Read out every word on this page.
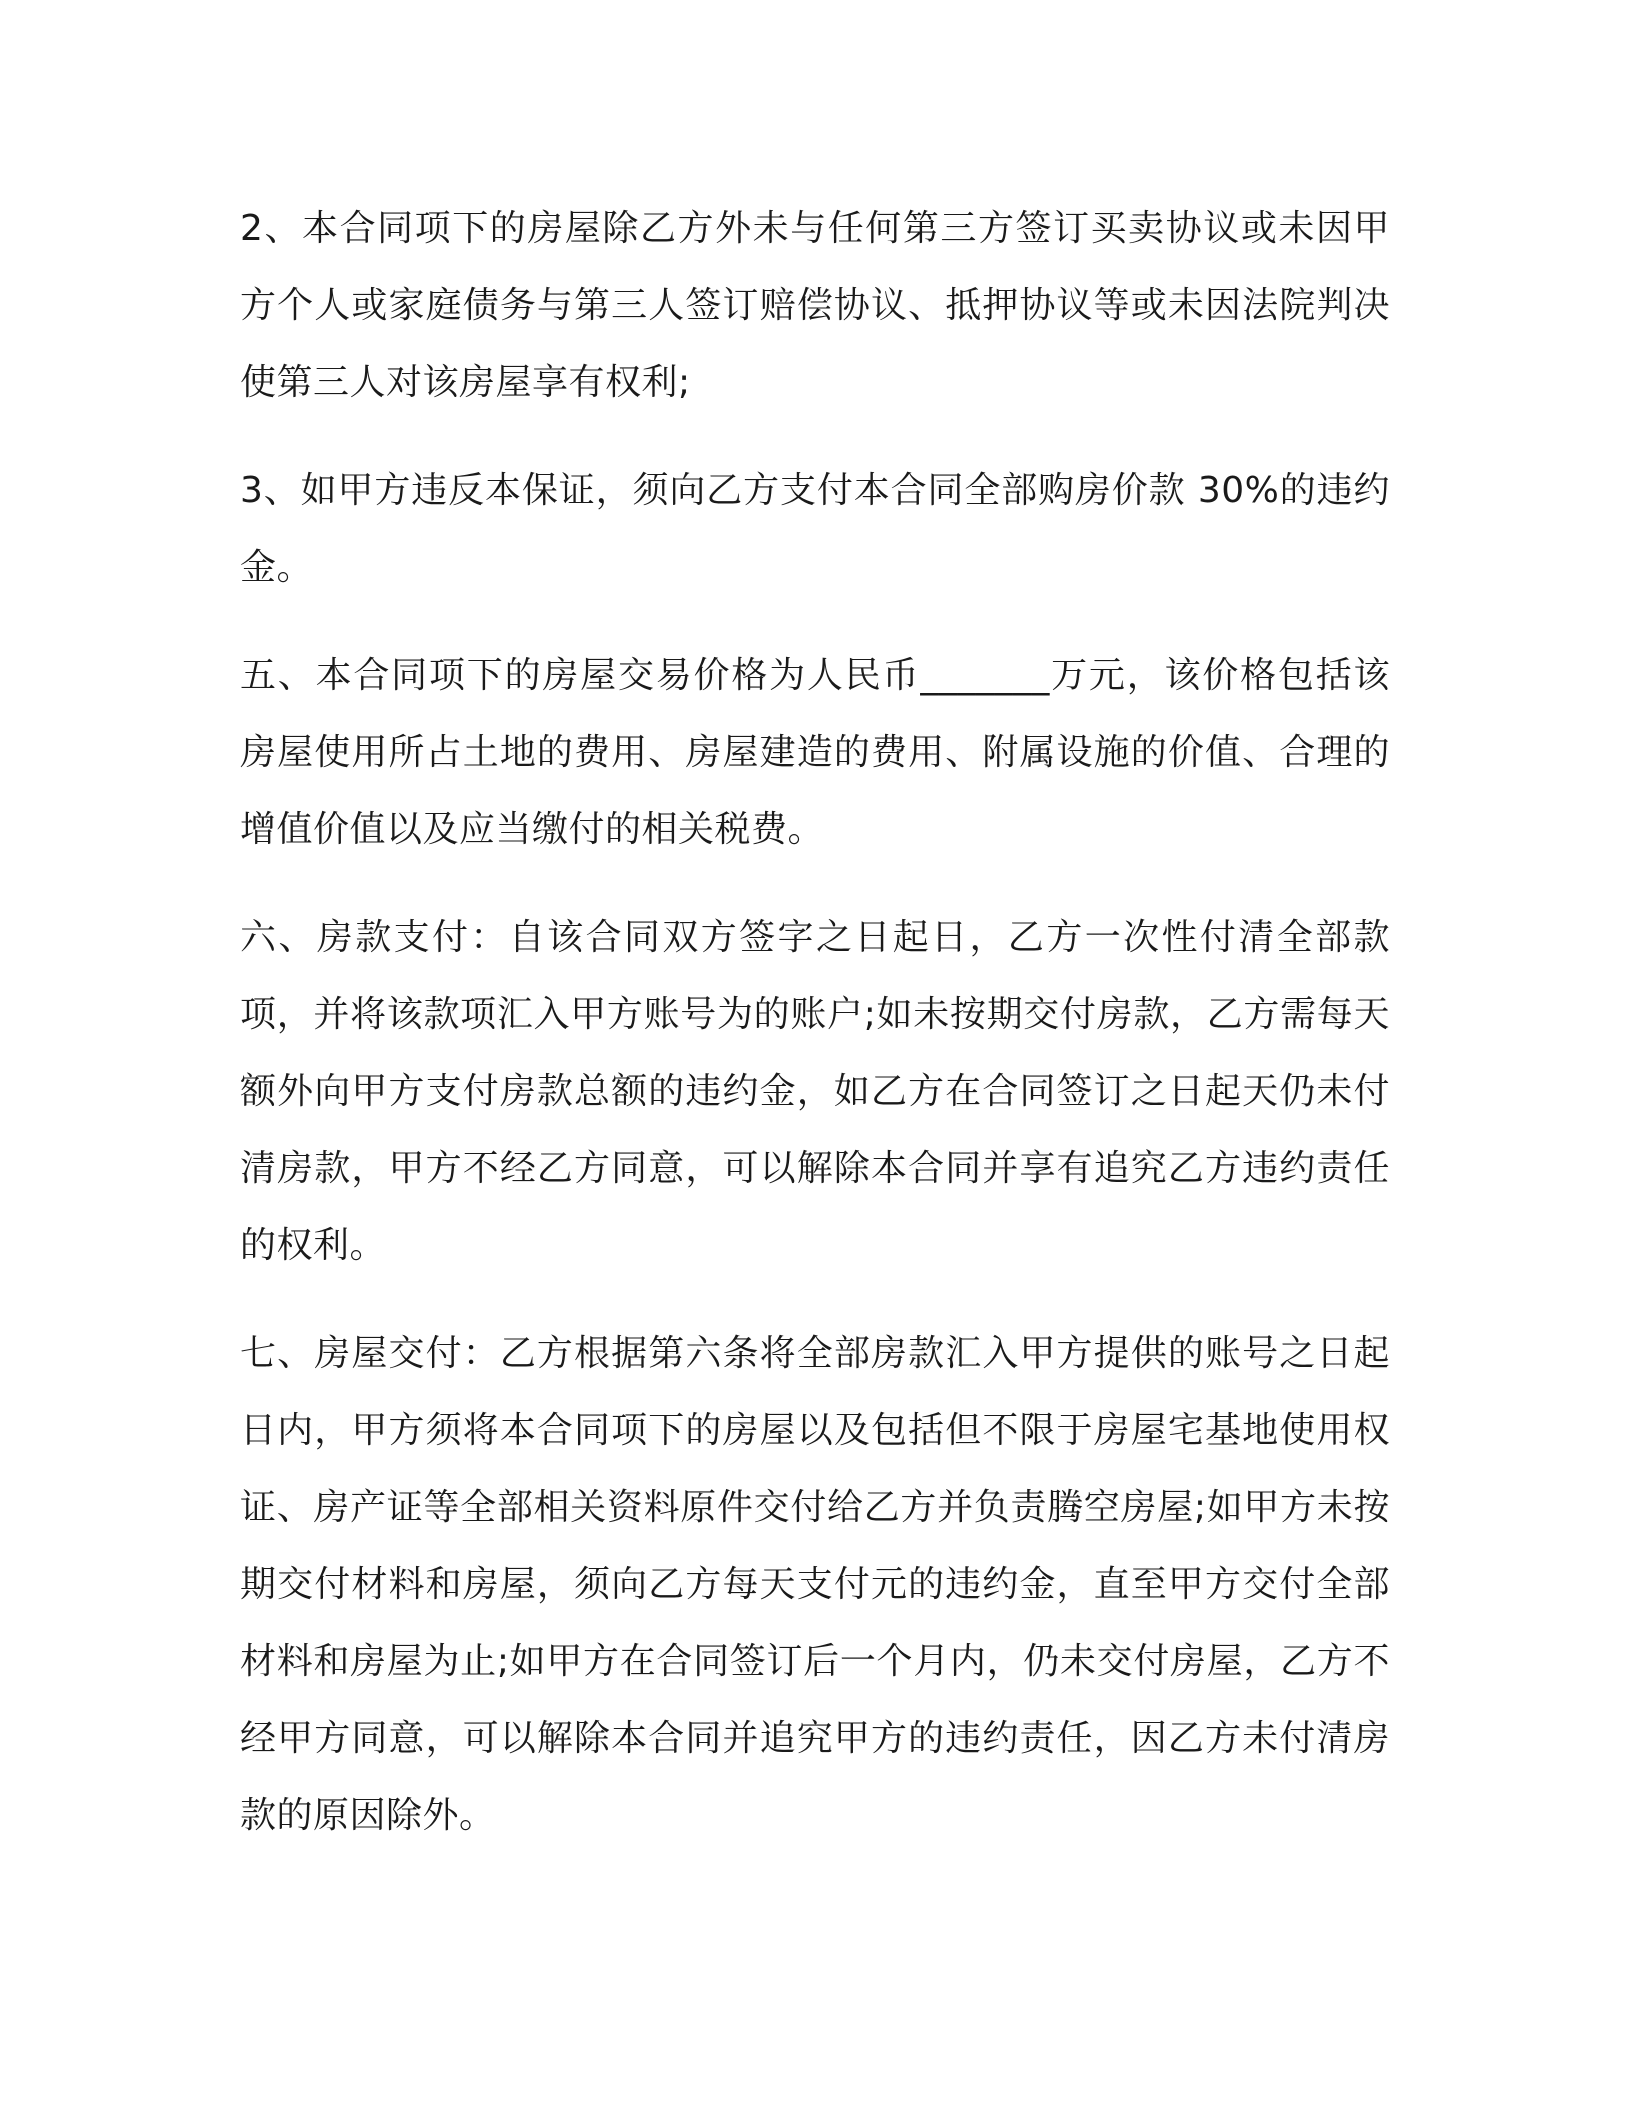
2、本合同项下的房屋除乙方外未与任何第三方签订买卖协议或未因甲方个人或家庭债务与第三人签订赔偿协议、抵押协议等或未因法院判决使第三人对该房屋享有权利;

3、如甲方违反本保证，须向乙方支付本合同全部购房价款 30%的违约金。

五、本合同项下的房屋交易价格为人民币_______万元，该价格包括该房屋使用所占土地的费用、房屋建造的费用、附属设施的价值、合理的增值价值以及应当缴付的相关税费。

六、房款支付：自该合同双方签字之日起日，乙方一次性付清全部款项，并将该款项汇入甲方账号为的账户;如未按期交付房款，乙方需每天额外向甲方支付房款总额的违约金，如乙方在合同签订之日起天仍未付清房款，甲方不经乙方同意，可以解除本合同并享有追究乙方违约责任的权利。

七、房屋交付：乙方根据第六条将全部房款汇入甲方提供的账号之日起日内，甲方须将本合同项下的房屋以及包括但不限于房屋宅基地使用权证、房产证等全部相关资料原件交付给乙方并负责腾空房屋;如甲方未按期交付材料和房屋，须向乙方每天支付元的违约金，直至甲方交付全部材料和房屋为止;如甲方在合同签订后一个月内，仍未交付房屋，乙方不经甲方同意，可以解除本合同并追究甲方的违约责任，因乙方未付清房款的原因除外。
